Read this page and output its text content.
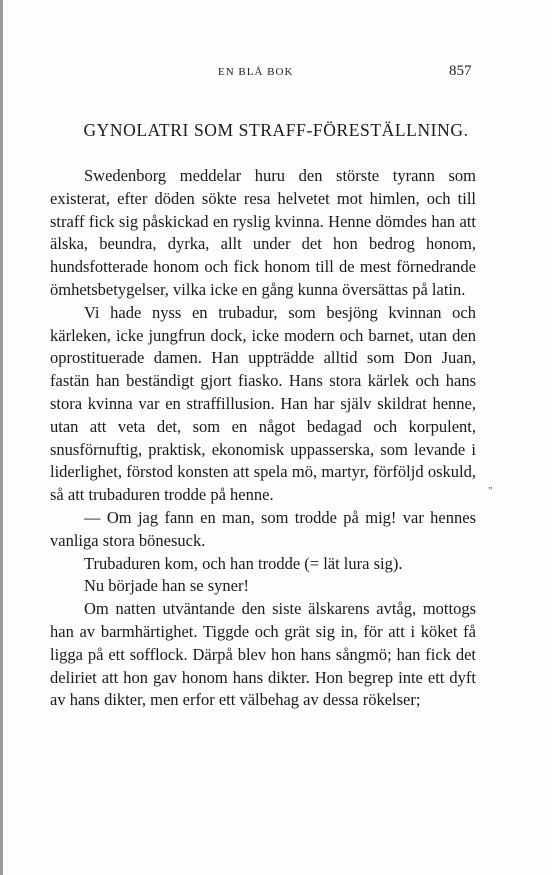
EN BLÅ BOK	857
GYNOLATRI SOM STRAFF-FÖRESTÄLLNING.

Swedenborg meddelar huru den störste tyrann som existerat, efter döden sökte resa helvetet mot himlen, och till straff fick sig påskickad en ryslig kvinna. Henne dömdes han att älska, beundra, dyrka, allt under det hon bedrog honom, hundsfotterade honom och fick honom till de mest förnedrande ömhetsbetygelser, vilka icke en gång kunna översättas på latin.

Vi hade nyss en trubadur, som besjöng kvinnan och kärleken, icke jungfrun dock, icke modern och barnet, utan den oprostituerade damen. Han uppträdde alltid som Don Juan, fastän han beständigt gjort fiasko. Hans stora kärlek och hans stora kvinna var en straffillusion. Han har själv skildrat henne, utan att veta det, som en något bedagad och korpulent, snusförnuftig, praktisk, ekonomisk uppasserska, som levande i liderlighet, förstod konsten att spela mö, martyr, förföljd oskuld, så att trubaduren trodde på henne.

— Om jag fann en man, som trodde på mig! var hennes vanliga stora bönesuck.

Trubaduren kom, och han trodde (= lät lura sig).

Nu började han se syner!

Om natten utväntande den siste älskarens avtåg, mottogs han av barmhärtighet. Tiggde och grät sig in, för att i köket få ligga på ett sofflock. Därpå blev hon hans sångmö; han fick det deliriet att hon gav honom hans dikter. Hon begrep inte ett dyft av hans dikter, men erfor ett välbehag av dessa rökelser;

„
